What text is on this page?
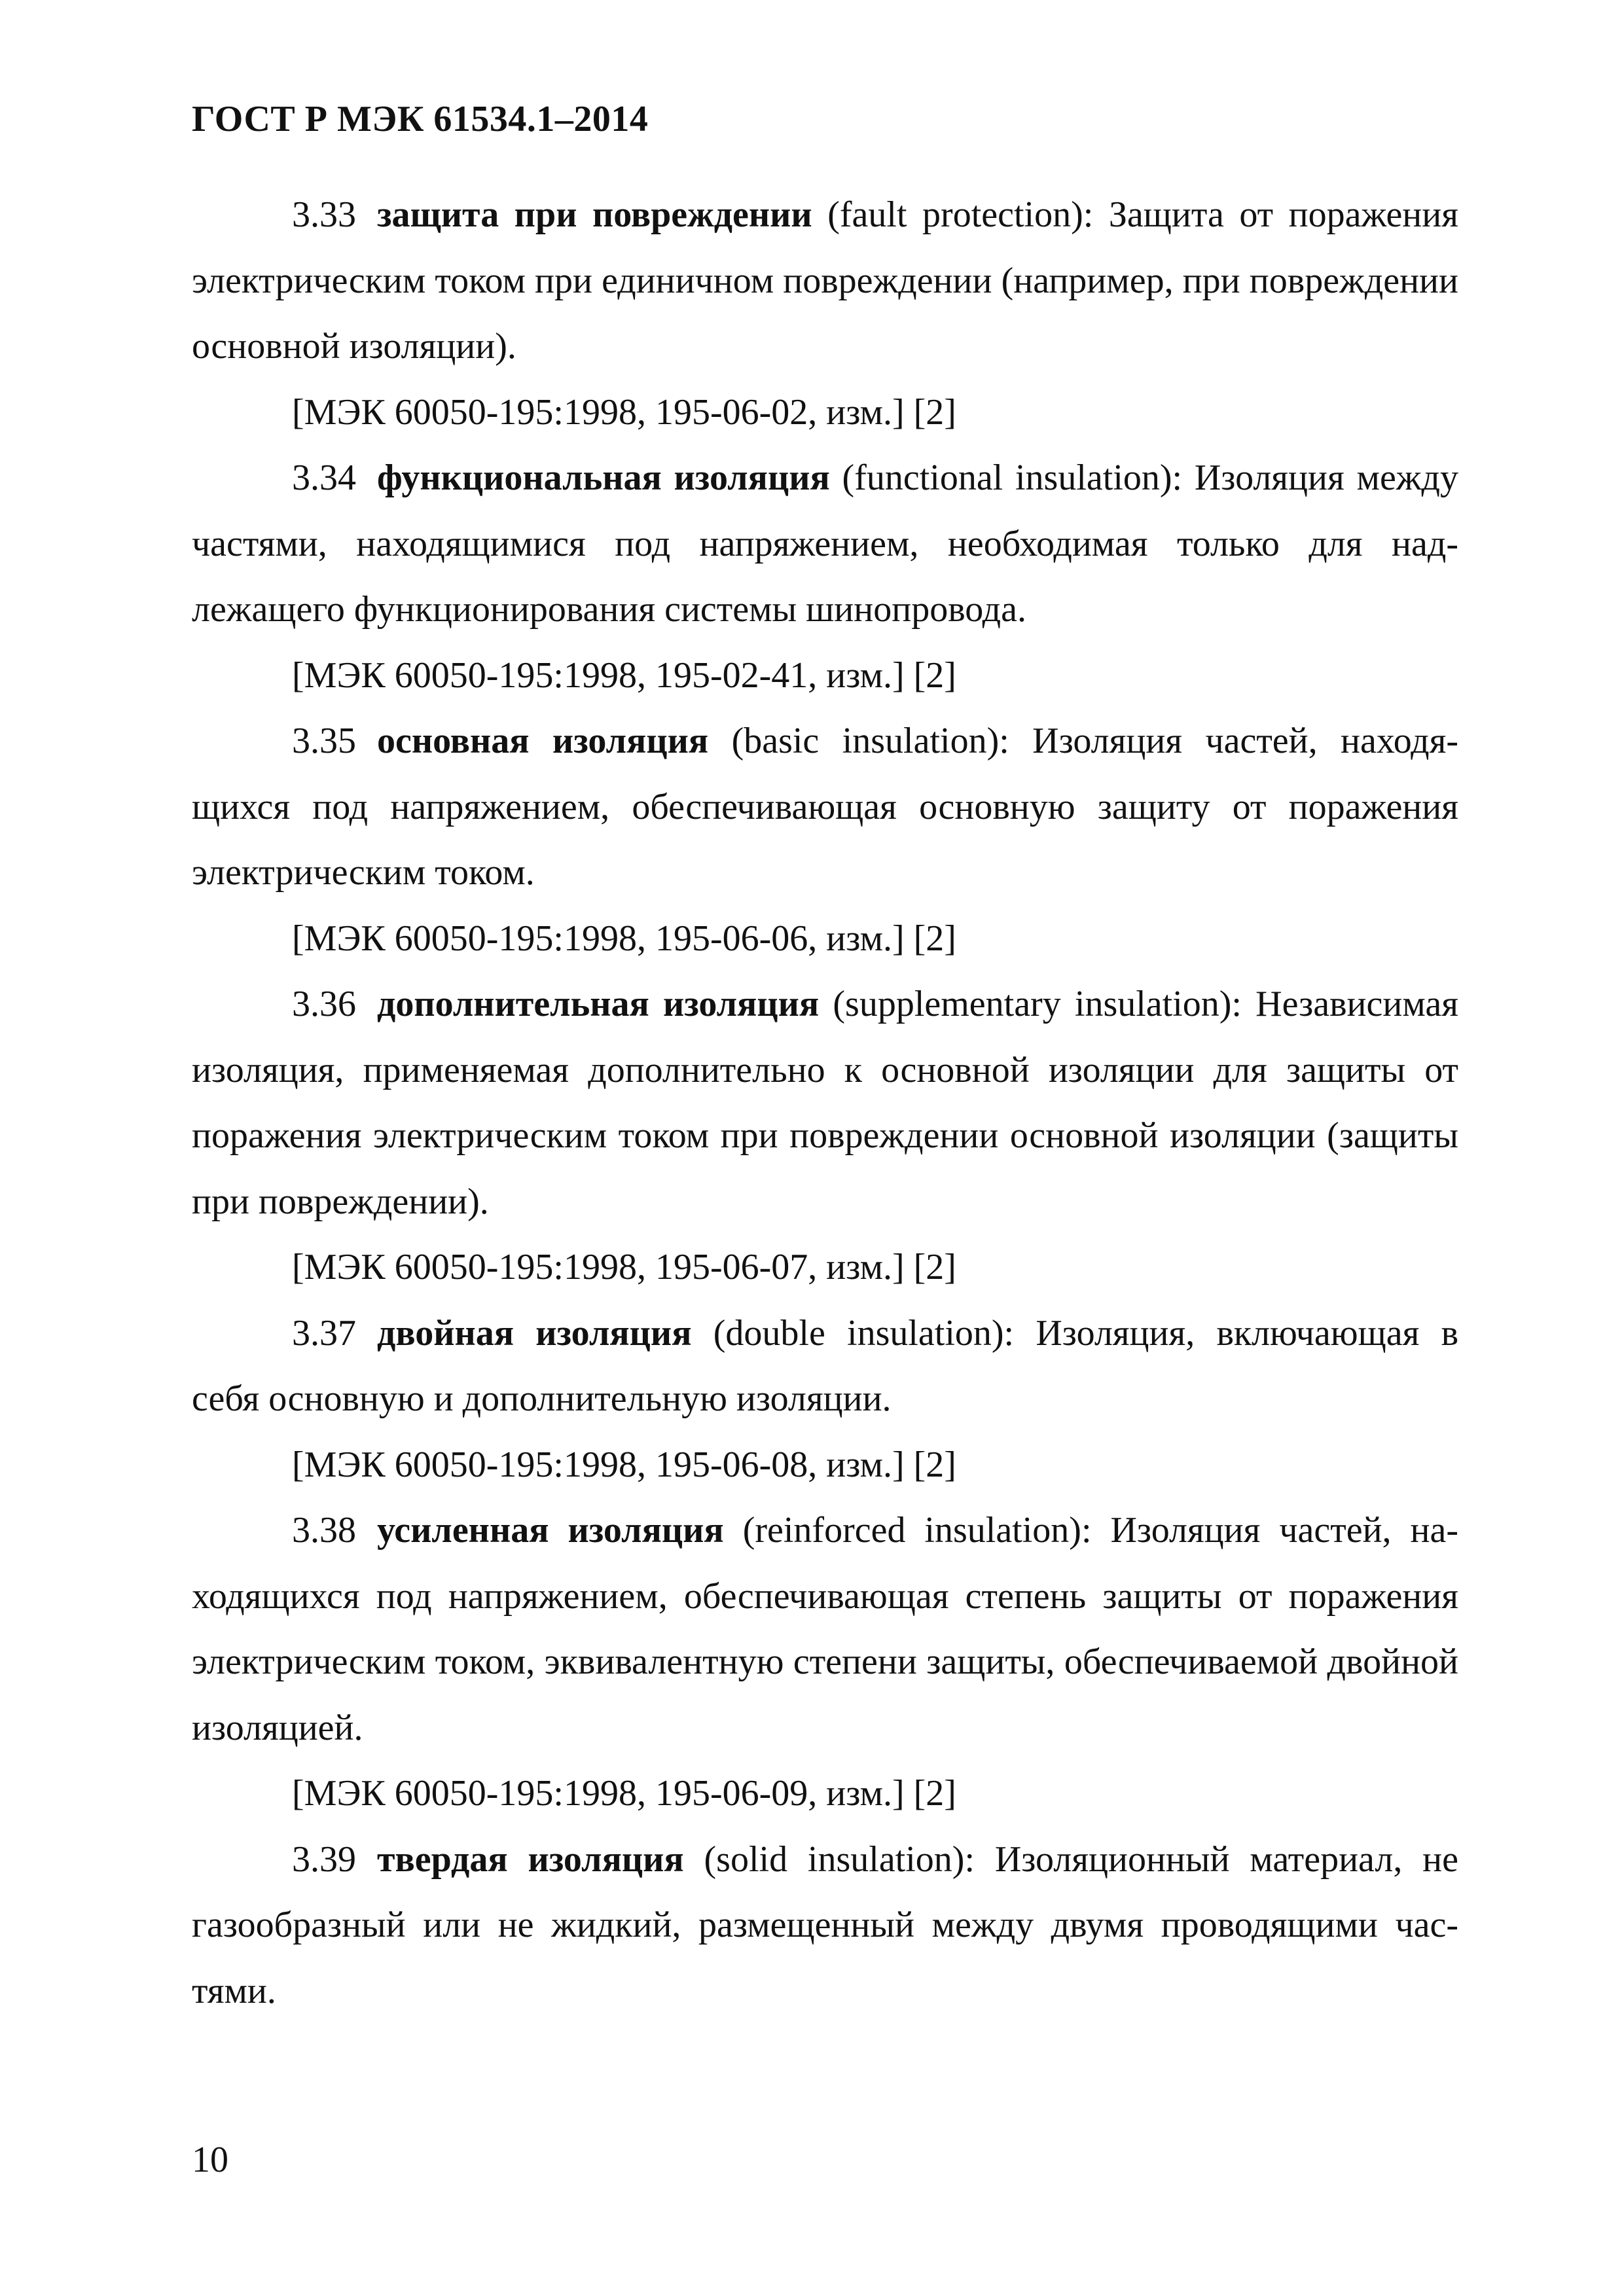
ГОСТ Р МЭК 61534.1–2014

3.33 защита при повреждении (fault protection): Защита от поражения электрическим током при единичном повреждении (например, при повреждении основной изоляции).

[МЭК 60050-195:1998, 195-06-02, изм.] [2]

3.34 функциональная изоляция (functional insulation): Изоляция между частями, находящимися под напряжением, необходимая только для надлежащего функционирования системы шинопровода.

[МЭК 60050-195:1998, 195-02-41, изм.] [2]

3.35 основная изоляция (basic insulation): Изоляция частей, находящихся под напряжением, обеспечивающая основную защиту от поражения электрическим током.

[МЭК 60050-195:1998, 195-06-06, изм.] [2]

3.36 дополнительная изоляция (supplementary insulation): Независимая изоляция, применяемая дополнительно к основной изоляции для защиты от поражения электрическим током при повреждении основной изоляции (защиты при повреждении).

[МЭК 60050-195:1998, 195-06-07, изм.] [2]

3.37 двойная изоляция (double insulation): Изоляция, включающая в себя основную и дополнительную изоляции.

[МЭК 60050-195:1998, 195-06-08, изм.] [2]

3.38 усиленная изоляция (reinforced insulation): Изоляция частей, находящихся под напряжением, обеспечивающая степень защиты от поражения электрическим током, эквивалентную степени защиты, обеспечиваемой двойной изоляцией.

[МЭК 60050-195:1998, 195-06-09, изм.] [2]

3.39 твердая изоляция (solid insulation): Изоляционный материал, не газообразный или не жидкий, размещенный между двумя проводящими частями.

10
